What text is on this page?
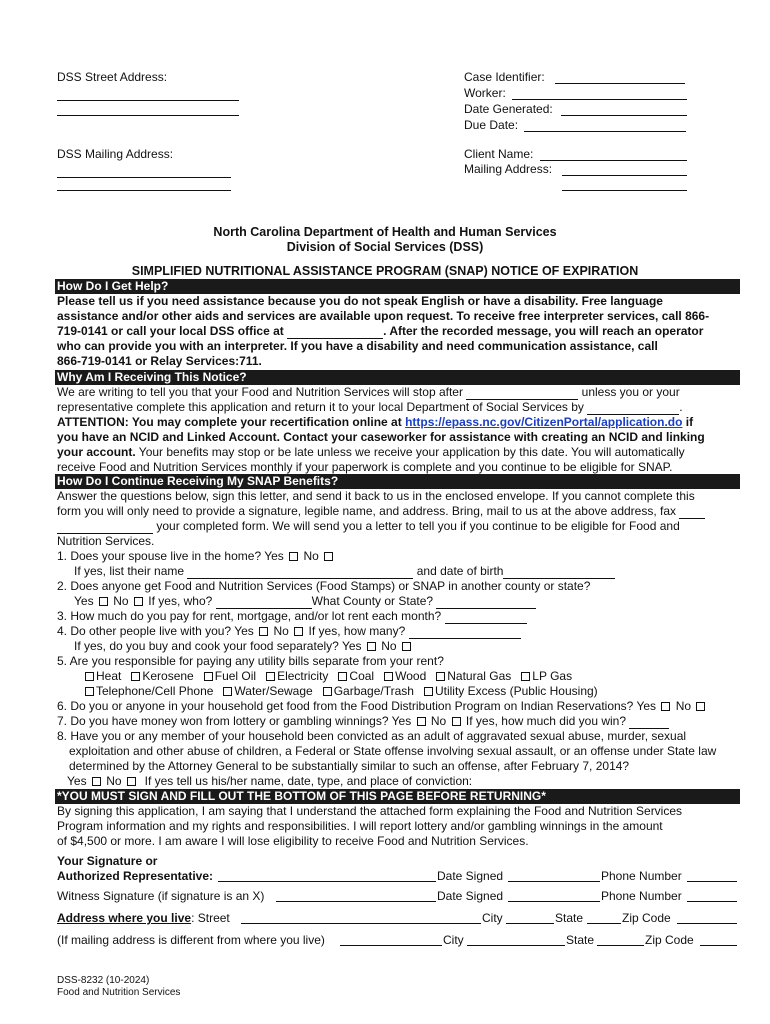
DSS Street Address:
DSS Mailing Address:
Case Identifier:
Worker:
Date Generated:
Due Date:
Client Name:
Mailing Address:
North Carolina Department of Health and Human Services
Division of Social Services (DSS)
SIMPLIFIED NUTRITIONAL ASSISTANCE PROGRAM (SNAP) NOTICE OF EXPIRATION
How Do I Get Help?

Please tell us if you need assistance because you do not speak English or have a disability. Free language

assistance and/or other aids and services are available upon request. To receive free interpreter services, call 866-

719-0141 or call your local DSS office at	. After the recorded message, you will reach an operator

who can provide you with an interpreter. If you have a disability and need communication assistance, call

866-719-0141 or Relay Services:711.

Why Am I Receiving This Notice?

We are writing to tell you that your Food and Nutrition Services will stop after	unless you or your

representative complete this application and return it to your local Department of Social Services by	.

ATTENTION: You may complete your recertification online at https://epass.nc.gov/CitizenPortal/application.do if

you have an NCID and Linked Account. Contact your caseworker for assistance with creating an NCID and linking

your account. Your benefits may stop or be late unless we receive your application by this date. You will automatically

receive Food and Nutrition Services monthly if your paperwork is complete and you continue to be eligible for SNAP.

How Do I Continue Receiving My SNAP Benefits?

Answer the questions below, sign this letter, and send it back to us in the enclosed envelope. If you cannot complete this

form you will only need to provide a signature, legible name, and address. Bring, mail to us at the above address, fax

your completed form. We will send you a letter to tell you if you continue to be eligible for Food and

Nutrition Services.

1. Does your spouse live in the home? Yes No

If yes, list their name	and date of birth

2. Does anyone get Food and Nutrition Services (Food Stamps) or SNAP in another county or state?

Yes No If yes, who?	What County or State?

3. How much do you pay for rent, mortgage, and/or lot rent each month?

4. Do other people live with you? Yes No If yes, how many?

If yes, do you buy and cook your food separately? Yes No

5. Are you responsible for paying any utility bills separate from your rent?

Heat Kerosene Fuel Oil Electricity Coal Wood Natural Gas LP Gas

Telephone/Cell Phone Water/Sewage Garbage/Trash Utility Excess (Public Housing)

6. Do you or anyone in your household get food from the Food Distribution Program on Indian Reservations? Yes No

7. Do you have money won from lottery or gambling winnings? Yes No If yes, how much did you win?

8. Have you or any member of your household been convicted as an adult of aggravated sexual abuse, murder, sexual

exploitation and other abuse of children, a Federal or State offense involving sexual assault, or an offense under State law

determined by the Attorney General to be substantially similar to such an offense, after February 7, 2014?

Yes No If yes tell us his/her name, date, type, and place of conviction:

*YOU MUST SIGN AND FILL OUT THE BOTTOM OF THIS PAGE BEFORE RETURNING*

By signing this application, I am saying that I understand the attached form explaining the Food and Nutrition Services

Program information and my rights and responsibilities. I will report lottery and/or gambling winnings in the amount

of $4,500 or more. I am aware I will lose eligibility to receive Food and Nutrition Services.

Your Signature or
Authorized Representative:	Date Signed	Phone Number
Witness Signature (if signature is an X)	Date Signed	Phone Number
Address where you live: Street	City	State	Zip Code
(If mailing address is different from where you live)	City	State	Zip Code
DSS-8232 (10-2024)
Food and Nutrition Services
